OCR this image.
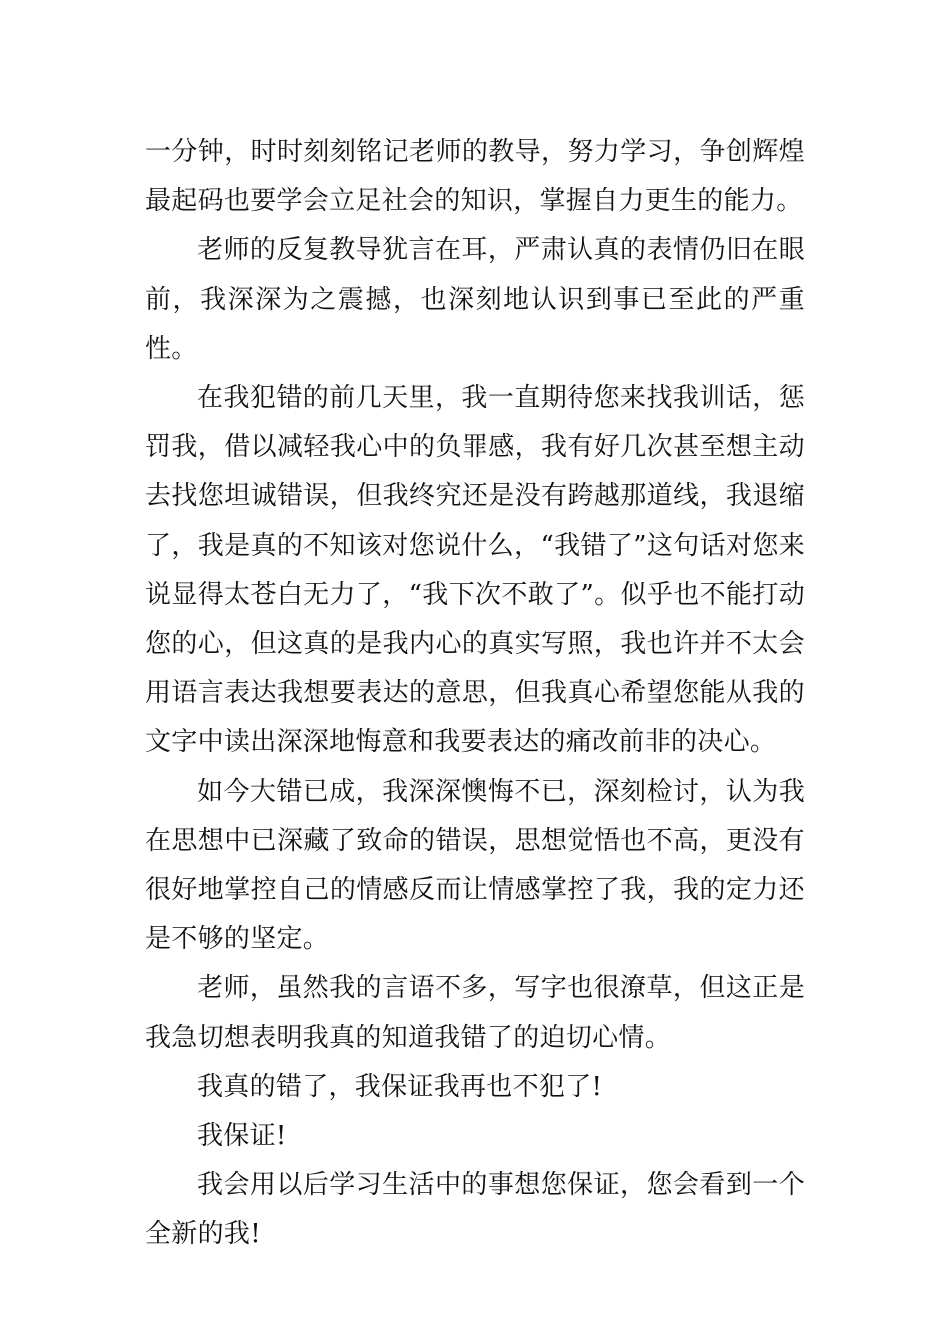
一分钟，时时刻刻铭记老师的教导，努力学习，争创辉煌最起码也要学会立足社会的知识，掌握自力更生的能力。

老师的反复教导犹言在耳，严肃认真的表情仍旧在眼前，我深深为之震撼，也深刻地认识到事已至此的严重性。

在我犯错的前几天里，我一直期待您来找我训话，惩罚我，借以减轻我心中的负罪感，我有好几次甚至想主动去找您坦诚错误，但我终究还是没有跨越那道线，我退缩了，我是真的不知该对您说什么，“我错了”这句话对您来说显得太苍白无力了，“我下次不敢了”。似乎也不能打动您的心，但这真的是我内心的真实写照，我也许并不太会用语言表达我想要表达的意思，但我真心希望您能从我的文字中读出深深地悔意和我要表达的痛改前非的决心。

如今大错已成，我深深懊悔不已，深刻检讨，认为我在思想中已深藏了致命的错误，思想觉悟也不高，更没有很好地掌控自己的情感反而让情感掌控了我，我的定力还是不够的坚定。

老师，虽然我的言语不多，写字也很潦草，但这正是我急切想表明我真的知道我错了的迫切心情。

我真的错了，我保证我再也不犯了!

我保证!

我会用以后学习生活中的事想您保证，您会看到一个全新的我!
